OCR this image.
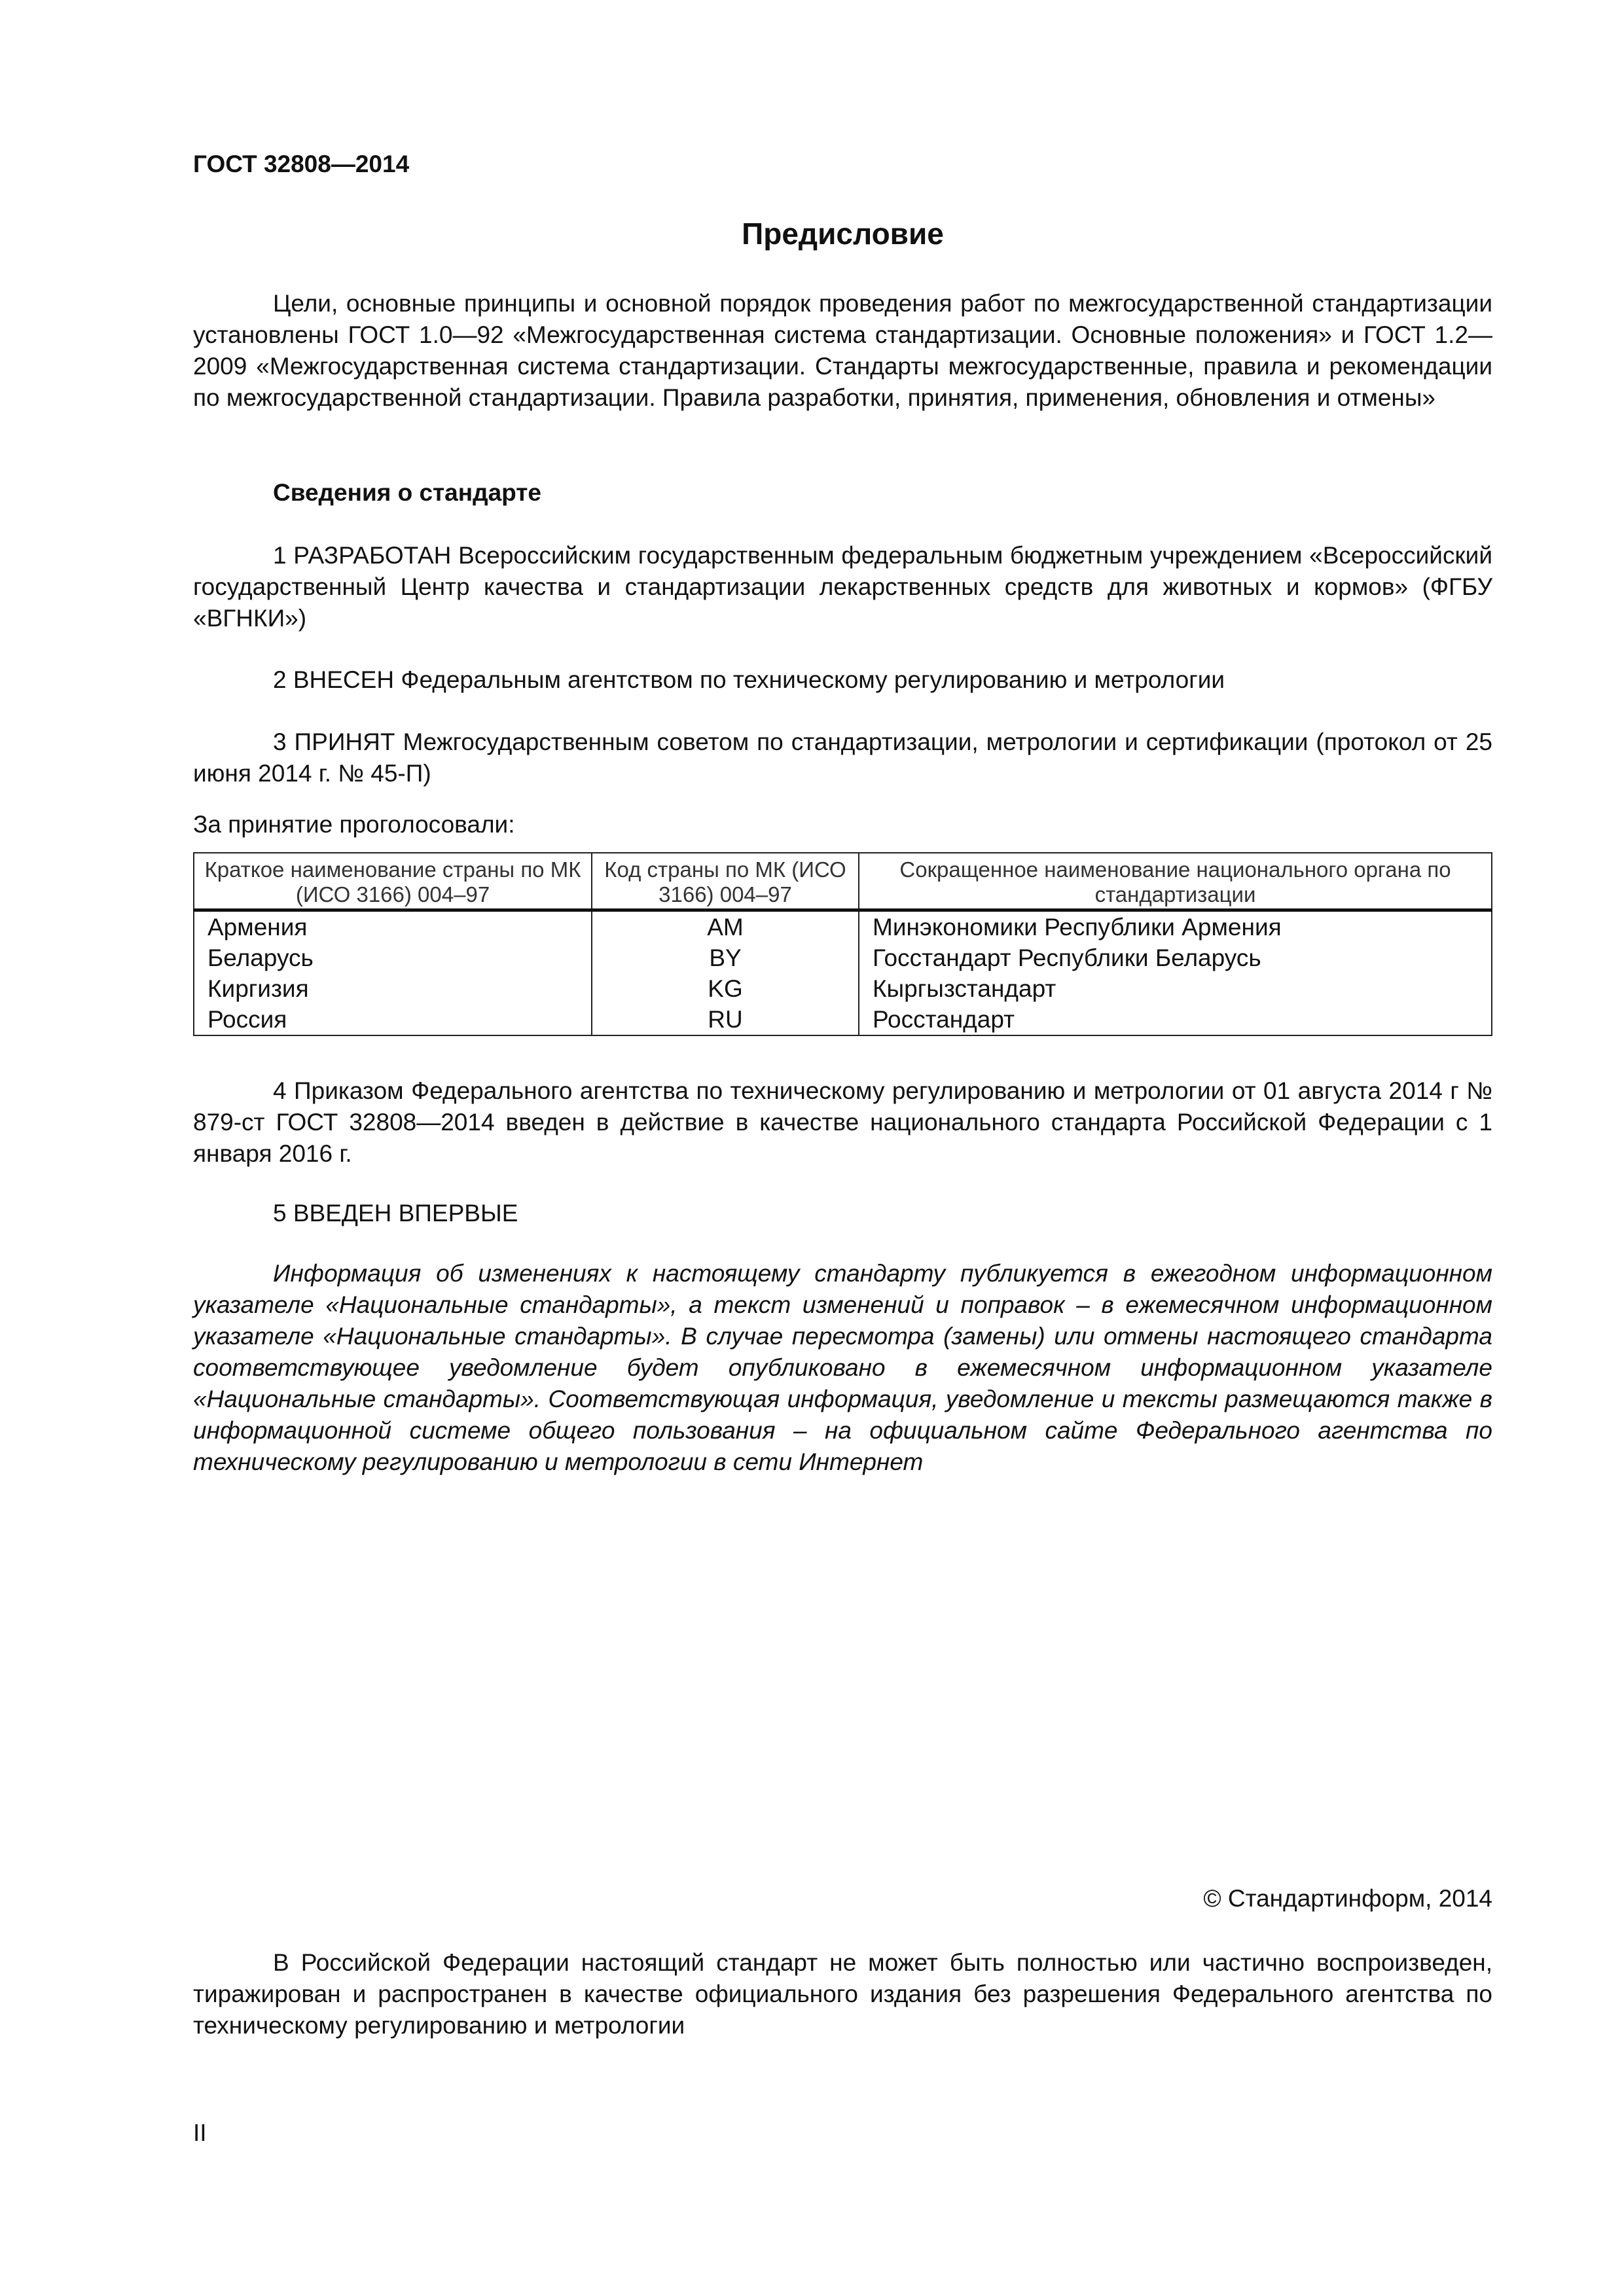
ГОСТ 32808—2014
Предисловие

Цели, основные принципы и основной порядок проведения работ по межгосударственной стандартизации установлены ГОСТ 1.0—92 «Межгосударственная система стандартизации. Основные положения» и ГОСТ 1.2—2009 «Межгосударственная система стандартизации. Стандарты межгосударственные, правила и рекомендации по межгосударственной стандартизации. Правила разработки, принятия, применения, обновления и отмены»

Сведения о стандарте

1 РАЗРАБОТАН Всероссийским государственным федеральным бюджетным учреждением «Всероссийский государственный Центр качества и стандартизации лекарственных средств для животных и кормов» (ФГБУ «ВГНКИ»)

2 ВНЕСЕН Федеральным агентством по техническому регулированию и метрологии

3 ПРИНЯТ Межгосударственным советом по стандартизации, метрологии и сертификации (протокол от 25 июня 2014 г. № 45-П)

За принятие проголосовали:

Краткое наименование страны по МК (ИСО 3166) 004–97	Код страны по МК (ИСО 3166) 004–97	Сокращенное наименование национального органа по стандартизации
Армения	AM	Минэкономики Республики Армения
Беларусь	BY	Госстандарт Республики Беларусь
Киргизия	KG	Кыргызстандарт
Россия	RU	Росстандарт

4 Приказом Федерального агентства по техническому регулированию и метрологии от 01 августа 2014 г № 879-ст ГОСТ 32808—2014 введен в действие в качестве национального стандарта Российской Федерации с 1 января 2016 г.

5 ВВЕДЕН ВПЕРВЫЕ

Информация об изменениях к настоящему стандарту публикуется в ежегодном информационном указателе «Национальные стандарты», а текст изменений и поправок – в ежемесячном информационном указателе «Национальные стандарты». В случае пересмотра (замены) или отмены настоящего стандарта соответствующее уведомление будет опубликовано в ежемесячном информационном указателе «Национальные стандарты». Соответствующая информация, уведомление и тексты размещаются также в информационной системе общего пользования – на официальном сайте Федерального агентства по техническому регулированию и метрологии в сети Интернет

© Стандартинформ, 2014

В Российской Федерации настоящий стандарт не может быть полностью или частично воспроизведен, тиражирован и распространен в качестве официального издания без разрешения Федерального агентства по техническому регулированию и метрологии

II
